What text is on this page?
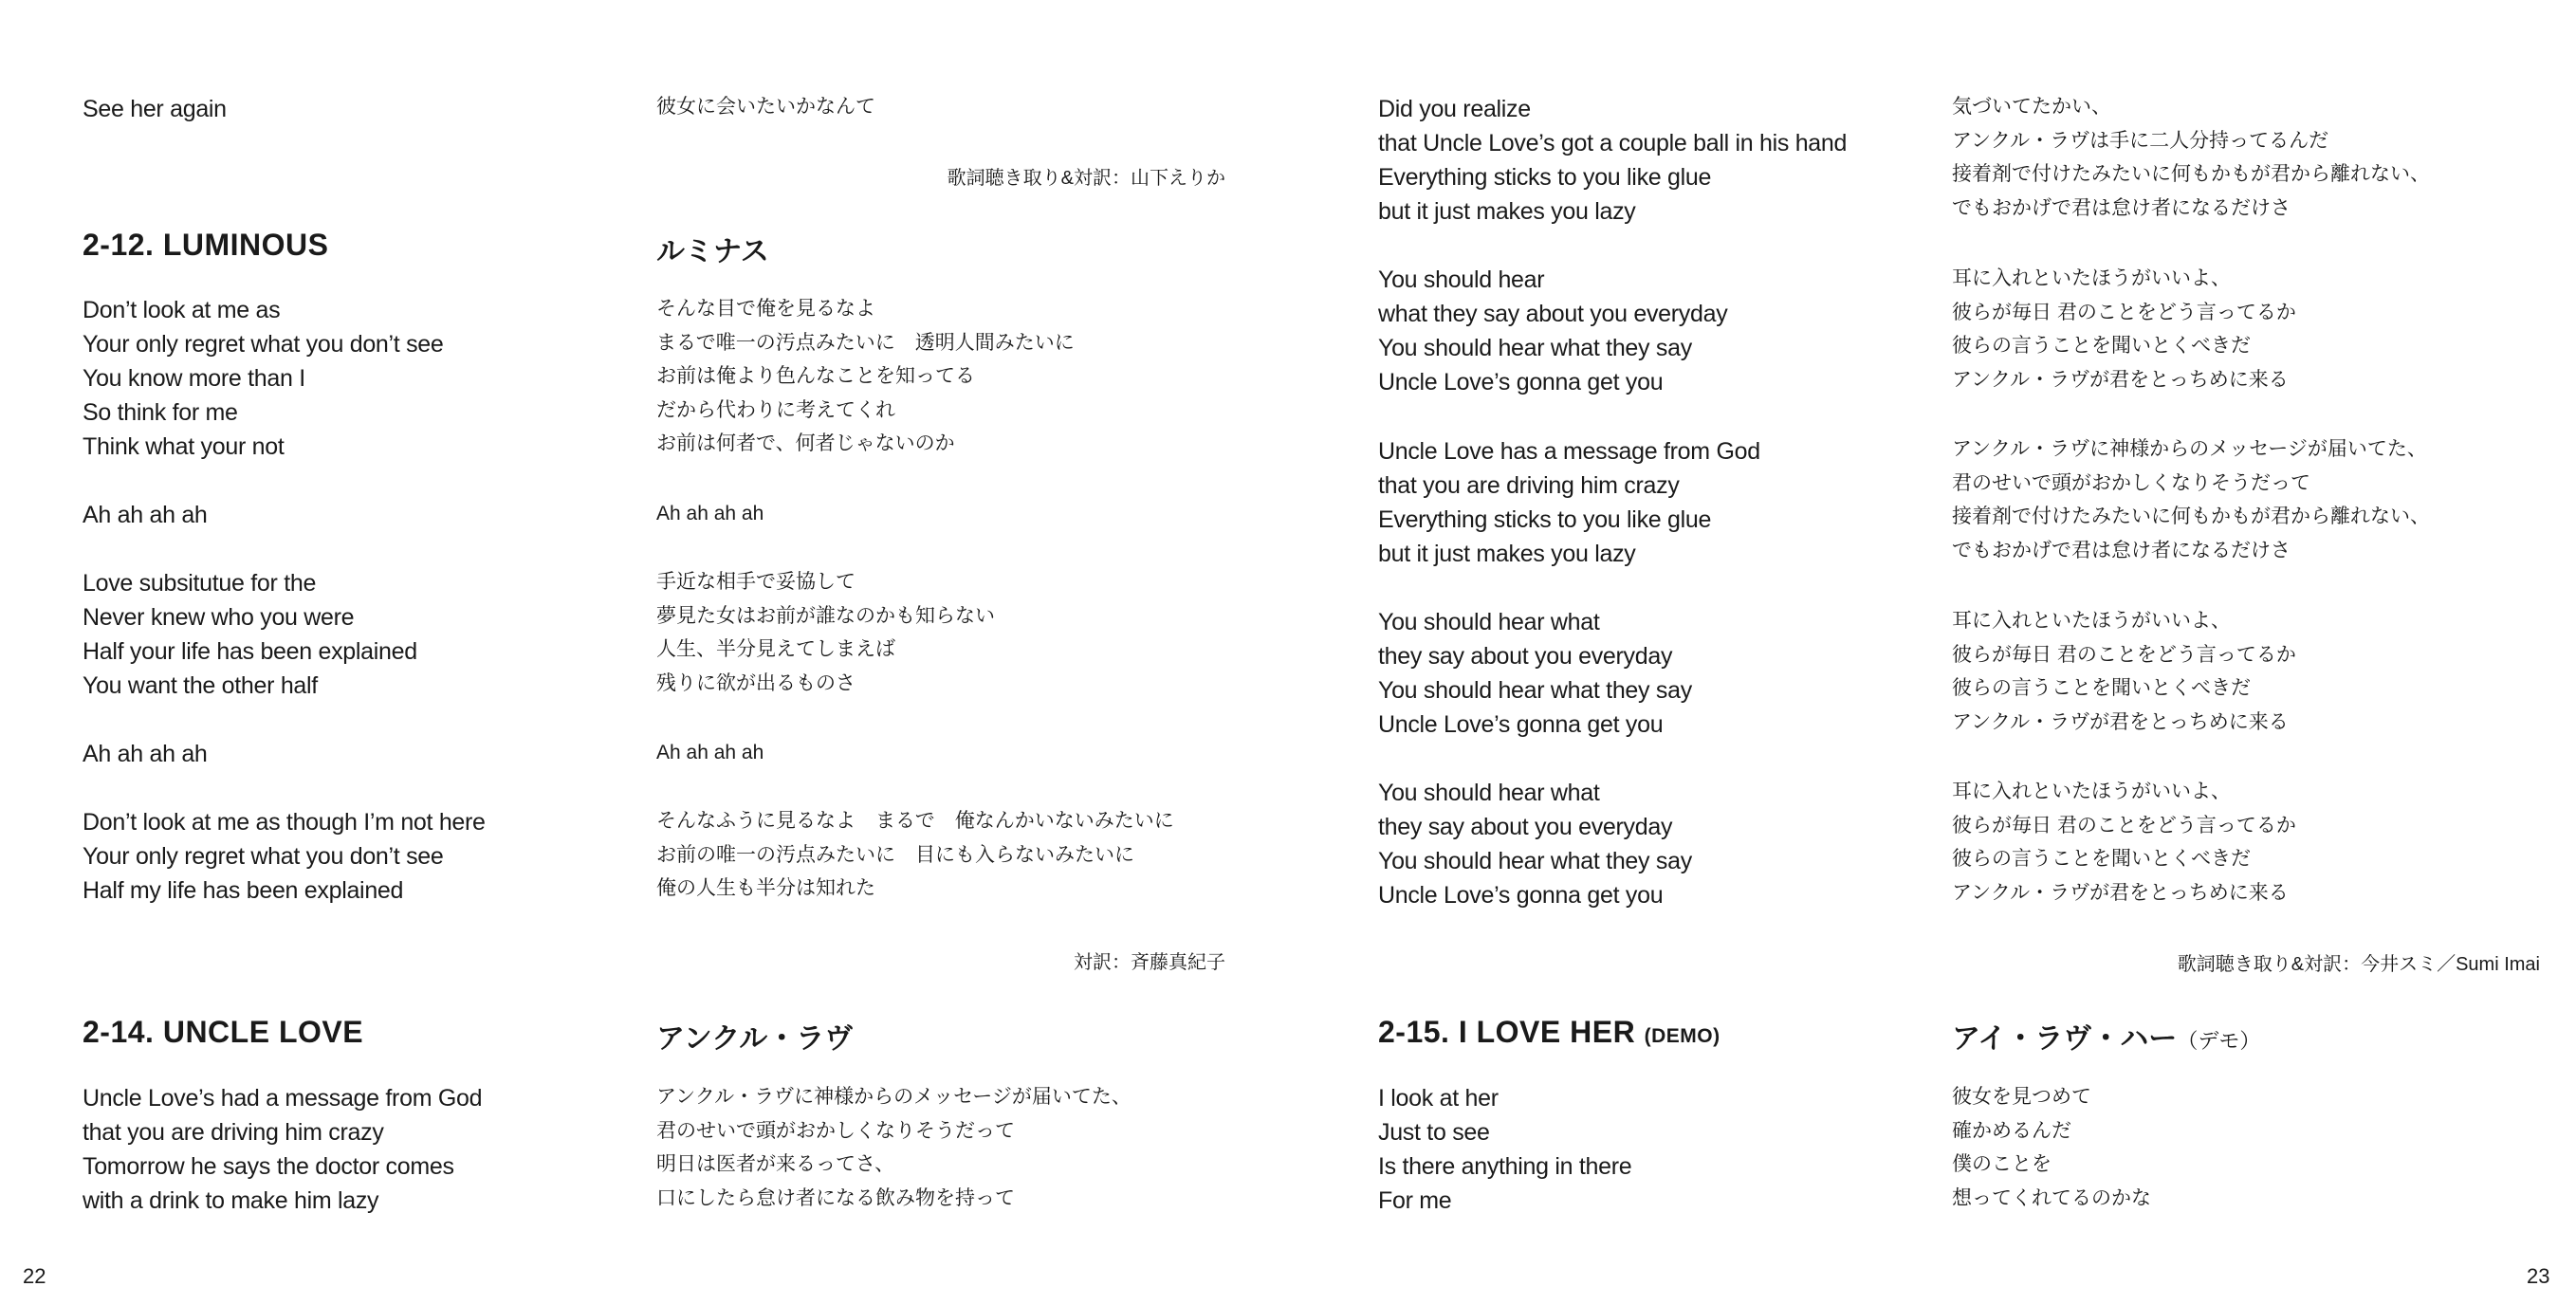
See her again
2-12. LUMINOUS
Don’t look at me as
Your only regret what you don’t see
You know more than I
So think for me
Think what your not
Ah ah ah ah
Love subsitutue for the
Never knew who you were
Half your life has been explained
You want the other half
Ah ah ah ah
Don’t look at me as though I’m not here
Your only regret what you don’t see
Half my life has been explained
2-14. UNCLE LOVE
Uncle Love’s had a message from God
that you are driving him crazy
Tomorrow he says the doctor comes
with a drink to make him lazy
彼女に会いたいかなんて
歌詞聴き取り&対訳：山下えりか
ルミナス
そんな目で俺を見るなよ
まるで唯一の汚点みたいに　透明人間みたいに
お前は俺より色んなことを知ってる
だから代わりに考えてくれ
お前は何者で、何者じゃないのか
Ah ah ah ah
手近な相手で妥協して
夢見た女はお前が誰なのかも知らない
人生、半分見えてしまえば
残りに欲が出るものさ
Ah ah ah ah
そんなふうに見るなよ　まるで　俺なんかいないみたいに
お前の唯一の汚点みたいに　目にも入らないみたいに
俺の人生も半分は知れた
対訳：斉藤真紀子
アンクル・ラヴ
アンクル・ラヴに神様からのメッセージが届いてた、
君のせいで頭がおかしくなりそうだって
明日は医者が来るってさ、
口にしたら怠け者になる飲み物を持って
Did you realize
that Uncle Love’s got a couple ball in his hand
Everything sticks to you like glue
but it just makes you lazy
You should hear
what they say about you everyday
You should hear what they say
Uncle Love’s gonna get you
Uncle Love has a message from God
that you are driving him crazy
Everything sticks to you like glue
but it just makes you lazy
You should hear what
they say about you everyday
You should hear what they say
Uncle Love’s gonna get you
You should hear what
they say about you everyday
You should hear what they say
Uncle Love’s gonna get you
2-15. I LOVE HER (DEMO)
I look at her
Just to see
Is there anything in there
For me
気づいてたかい、
アンクル・ラヴは手に二人分持ってるんだ
接着剤で付けたみたいに何もかもが君から離れない、
でもおかげで君は怠け者になるだけさ
耳に入れといたほうがいいよ、
彼らが毎日 君のことをどう言ってるか
彼らの言うことを聞いとくべきだ
アンクル・ラヴが君をとっちめに来る
アンクル・ラヴに神様からのメッセージが届いてた、
君のせいで頭がおかしくなりそうだって
接着剤で付けたみたいに何もかもが君から離れない、
でもおかげで君は怠け者になるだけさ
耳に入れといたほうがいいよ、
彼らが毎日 君のことをどう言ってるか
彼らの言うことを聞いとくべきだ
アンクル・ラヴが君をとっちめに来る
耳に入れといたほうがいいよ、
彼らが毎日 君のことをどう言ってるか
彼らの言うことを聞いとくべきだ
アンクル・ラヴが君をとっちめに来る
歌詞聴き取り&対訳：今井スミ／Sumi Imai
アイ・ラヴ・ハー（デモ）
彼女を見つめて
確かめるんだ
僕のことを
想ってくれてるのかな
22	23
